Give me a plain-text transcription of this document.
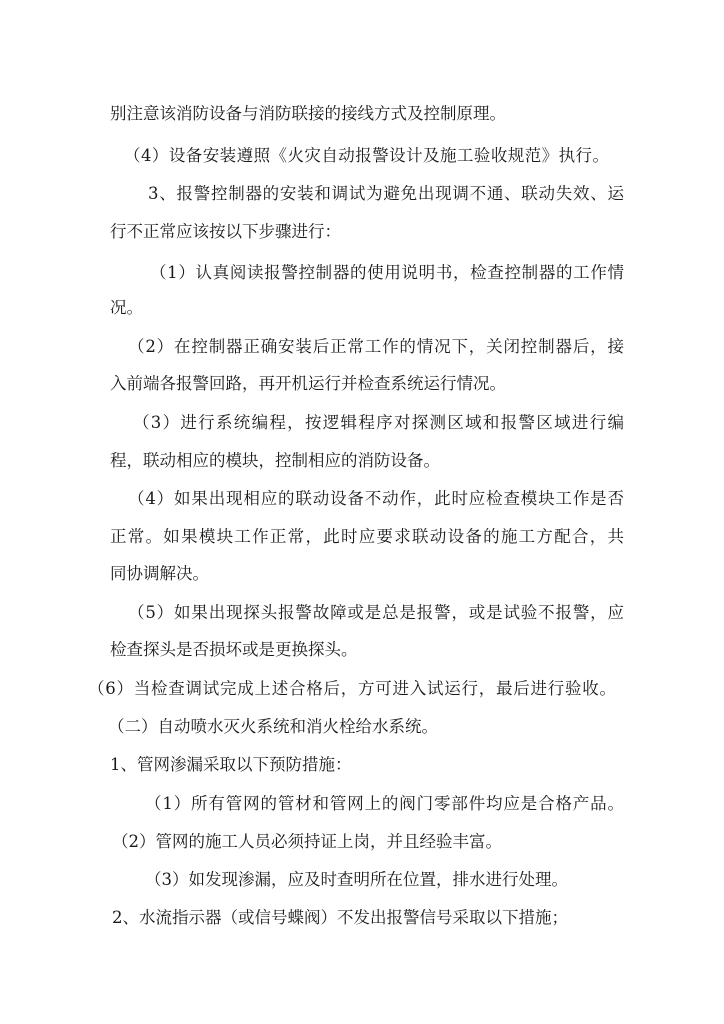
别注意该消防设备与消防联接的接线方式及控制原理。
（4）设备安装遵照《火灾自动报警设计及施工验收规范》执行。
3、报警控制器的安装和调试为避免出现调不通、联动失效、运
行不正常应该按以下步骤进行：
（1）认真阅读报警控制器的使用说明书，检查控制器的工作情
况。
（2）在控制器正确安装后正常工作的情况下，关闭控制器后，接
入前端各报警回路，再开机运行并检查系统运行情况。
（3）进行系统编程，按逻辑程序对探测区域和报警区域进行编
程，联动相应的模块，控制相应的消防设备。
（4）如果出现相应的联动设备不动作，此时应检查模块工作是否
正常。如果模块工作正常，此时应要求联动设备的施工方配合，共
同协调解决。
（5）如果出现探头报警故障或是总是报警，或是试验不报警，应
检查探头是否损坏或是更换探头。
（6）当检查调试完成上述合格后，方可进入试运行，最后进行验收。
（二）自动喷水灭火系统和消火栓给水系统。
1、管网渗漏采取以下预防措施：
（1）所有管网的管材和管网上的阀门零部件均应是合格产品。
（2）管网的施工人员必须持证上岗，并且经验丰富。
（3）如发现渗漏，应及时查明所在位置，排水进行处理。
2、水流指示器（或信号蝶阀）不发出报警信号采取以下措施；
